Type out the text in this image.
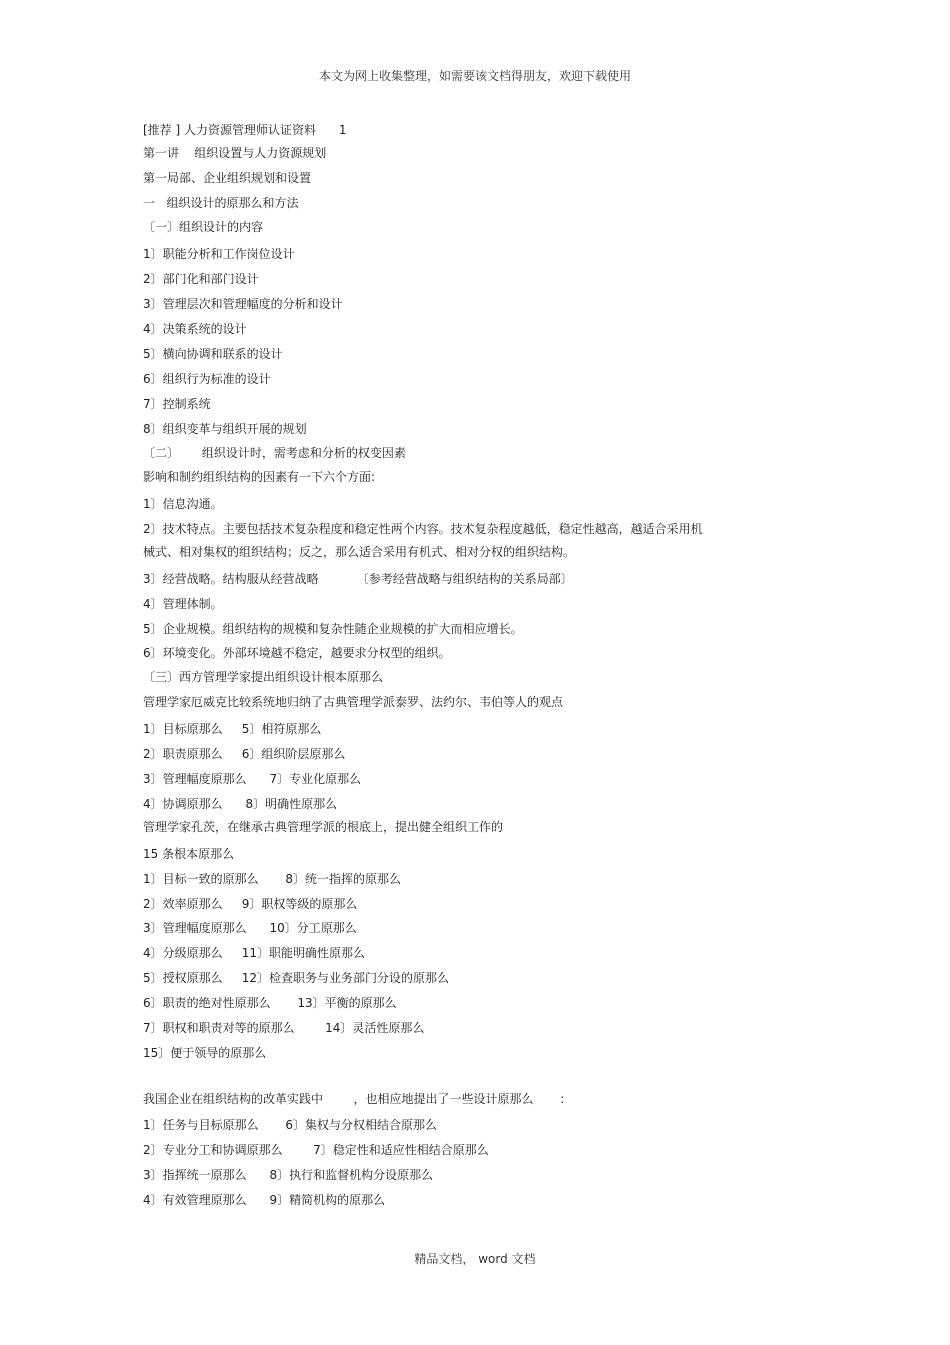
本文为网上收集整理，如需要该文档得朋友，欢迎下载使用
[推荐 ] 人力资源管理师认证资料      1
第一讲    组织设置与人力资源规划
第一局部、企业组织规划和设置
一   组织设计的原那么和方法
〔一〕组织设计的内容
1〕职能分析和工作岗位设计
2〕部门化和部门设计
3〕管理层次和管理幅度的分析和设计
4〕决策系统的设计
5〕横向协调和联系的设计
6〕组织行为标准的设计
7〕控制系统
8〕组织变革与组织开展的规划
〔二〕      组织设计时，需考虑和分析的权变因素
影响和制约组织结构的因素有一下六个方面:
1〕信息沟通。
2〕技术特点。主要包括技术复杂程度和稳定性两个内容。技术复杂程度越低，稳定性越高，越适合采用机
械式、相对集权的组织结构；反之，那么适合采用有机式、相对分权的组织结构。
3〕经营战略。结构服从经营战略          〔参考经营战略与组织结构的关系局部〕
4〕管理体制。
5〕企业规模。组织结构的规模和复杂性随企业规模的扩大而相应增长。
6〕环境变化。外部环境越不稳定，越要求分权型的组织。
〔三〕西方管理学家提出组织设计根本原那么
管理学家厄威克比较系统地归纳了古典管理学派泰罗、法约尔、韦伯等人的观点
1〕目标原那么     5〕相符原那么
2〕职责原那么     6〕组织阶层原那么
3〕管理幅度原那么      7〕专业化原那么
4〕协调原那么      8〕明确性原那么
管理学家孔茨，在继承古典管理学派的根底上，提出健全组织工作的
15 条根本原那么
1〕目标一致的原那么       8〕统一指挥的原那么
2〕效率原那么     9〕职权等级的原那么
3〕管理幅度原那么      10〕分工原那么
4〕分级原那么     11〕职能明确性原那么
5〕授权原那么     12〕检查职务与业务部门分设的原那么
6〕职责的绝对性原那么       13〕平衡的原那么
7〕职权和职责对等的原那么        14〕灵活性原那么
15〕便于领导的原那么
我国企业在组织结构的改革实践中        ，也相应地提出了一些设计原那么       :
1〕任务与目标原那么       6〕集权与分权相结合原那么
2〕专业分工和协调原那么        7〕稳定性和适应性相结合原那么
3〕指挥统一原那么      8〕执行和监督机构分设原那么
4〕有效管理原那么      9〕精简机构的原那么
精品文档， word 文档
